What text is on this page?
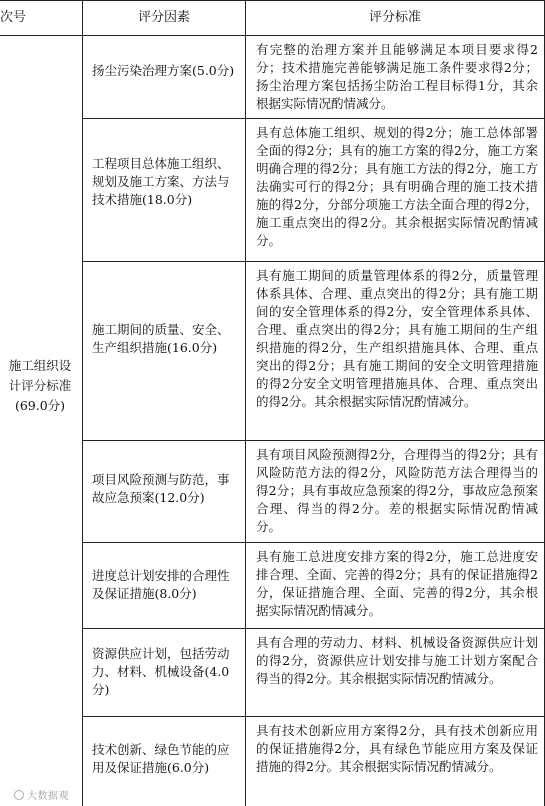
次号	评分因素	评分标准
施工组织设计评分标准(69.0分)
扬尘污染治理方案(5.0分)
有完整的治理方案并且能够满足本项目要求得2分；技术措施完善能够满足施工条件要求得2分；扬尘治理方案包括扬尘防治工程目标得1分，其余根据实际情况酌情减分。
工程项目总体施工组织、规划及施工方案、方法与技术措施(18.0分)
具有总体施工组织、规划的得2分；施工总体部署全面的得2分；具有的施工方案的得2分，施工方案明确合理的得2分；具有施工方法的得2分，施工方法确实可行的得2分；具有明确合理的施工技术措施的得2分，分部分项施工方法全面合理的得2分，施工重点突出的得2分。其余根据实际情况酌情减分。
施工期间的质量、安全、生产组织措施(16.0分)
具有施工期间的质量管理体系的得2分，质量管理体系具体、合理、重点突出的得2分；具有施工期间的安全管理体系的得2分，安全管理体系具体、合理、重点突出的得2分；具有施工期间的生产组织措施的得2分，生产组织措施具体、合理、重点突出的得2分；具有施工期间的安全文明管理措施的得2分安全文明管理措施具体、合理、重点突出的得2分。其余根据实际情况酌情减分。
项目风险预测与防范，事故应急预案(12.0分)
具有项目风险预测得2分，合理得当的得2分；具有风险防范方法的得2分，风险防范方法合理得当的得2分；具有事故应急预案的得2分，事故应急预案合理、得当的得2分。差的根据实际情况酌情减分。
进度总计划安排的合理性及保证措施(8.0分)
具有施工总进度安排方案的得2分，施工总进度安排合理、全面、完善的得2分；具有的保证措施得2分，保证措施合理、全面、完善的得2分，其余根据实际情况酌情减分。
资源供应计划，包括劳动力、材料、机械设备(4.0分)
具有合理的劳动力、材料、机械设备资源供应计划的得2分，资源供应计划安排与施工计划方案配合得当的得2分。其余根据实际情况酌情减分。
技术创新、绿色节能的应用及保证措施(6.0分)
具有技术创新应用方案得2分，具有技术创新应用的保证措施得2分，具有绿色节能应用方案及保证措施的得2分。其余根据实际情况酌情减分。
大数据观
